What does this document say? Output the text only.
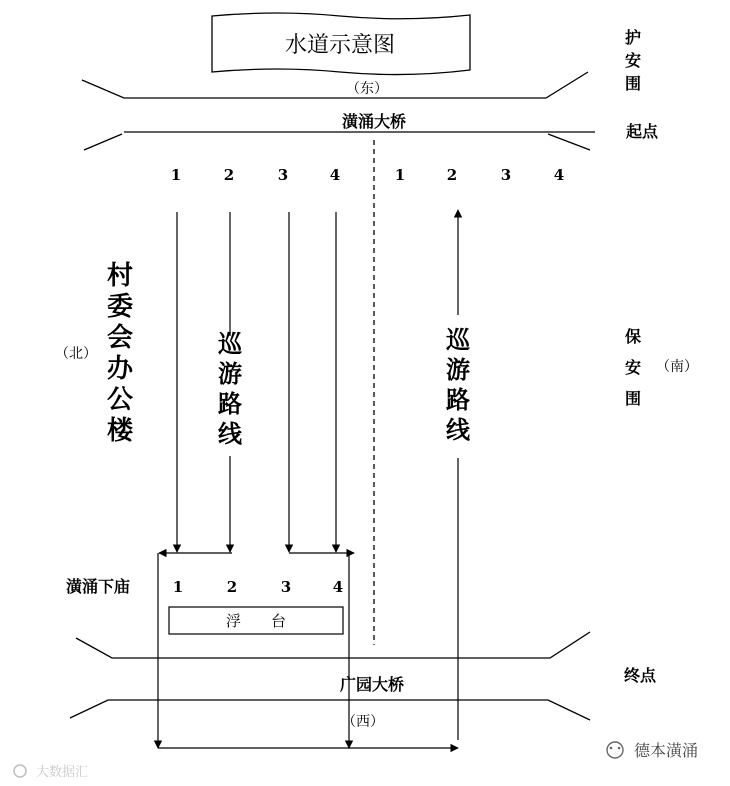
水道示意图
（东）
潢涌大桥
1	2	3	4	1	2	3	4
村
委
会
办
公
楼
巡
游
路
线
巡
游
路
线
（北）
护
安
围
起点
保
安
围
（南）
终点
潢涌下庙	1	2	3	4
浮　　台
广园大桥
（西）
大数据汇
德本潢涌
